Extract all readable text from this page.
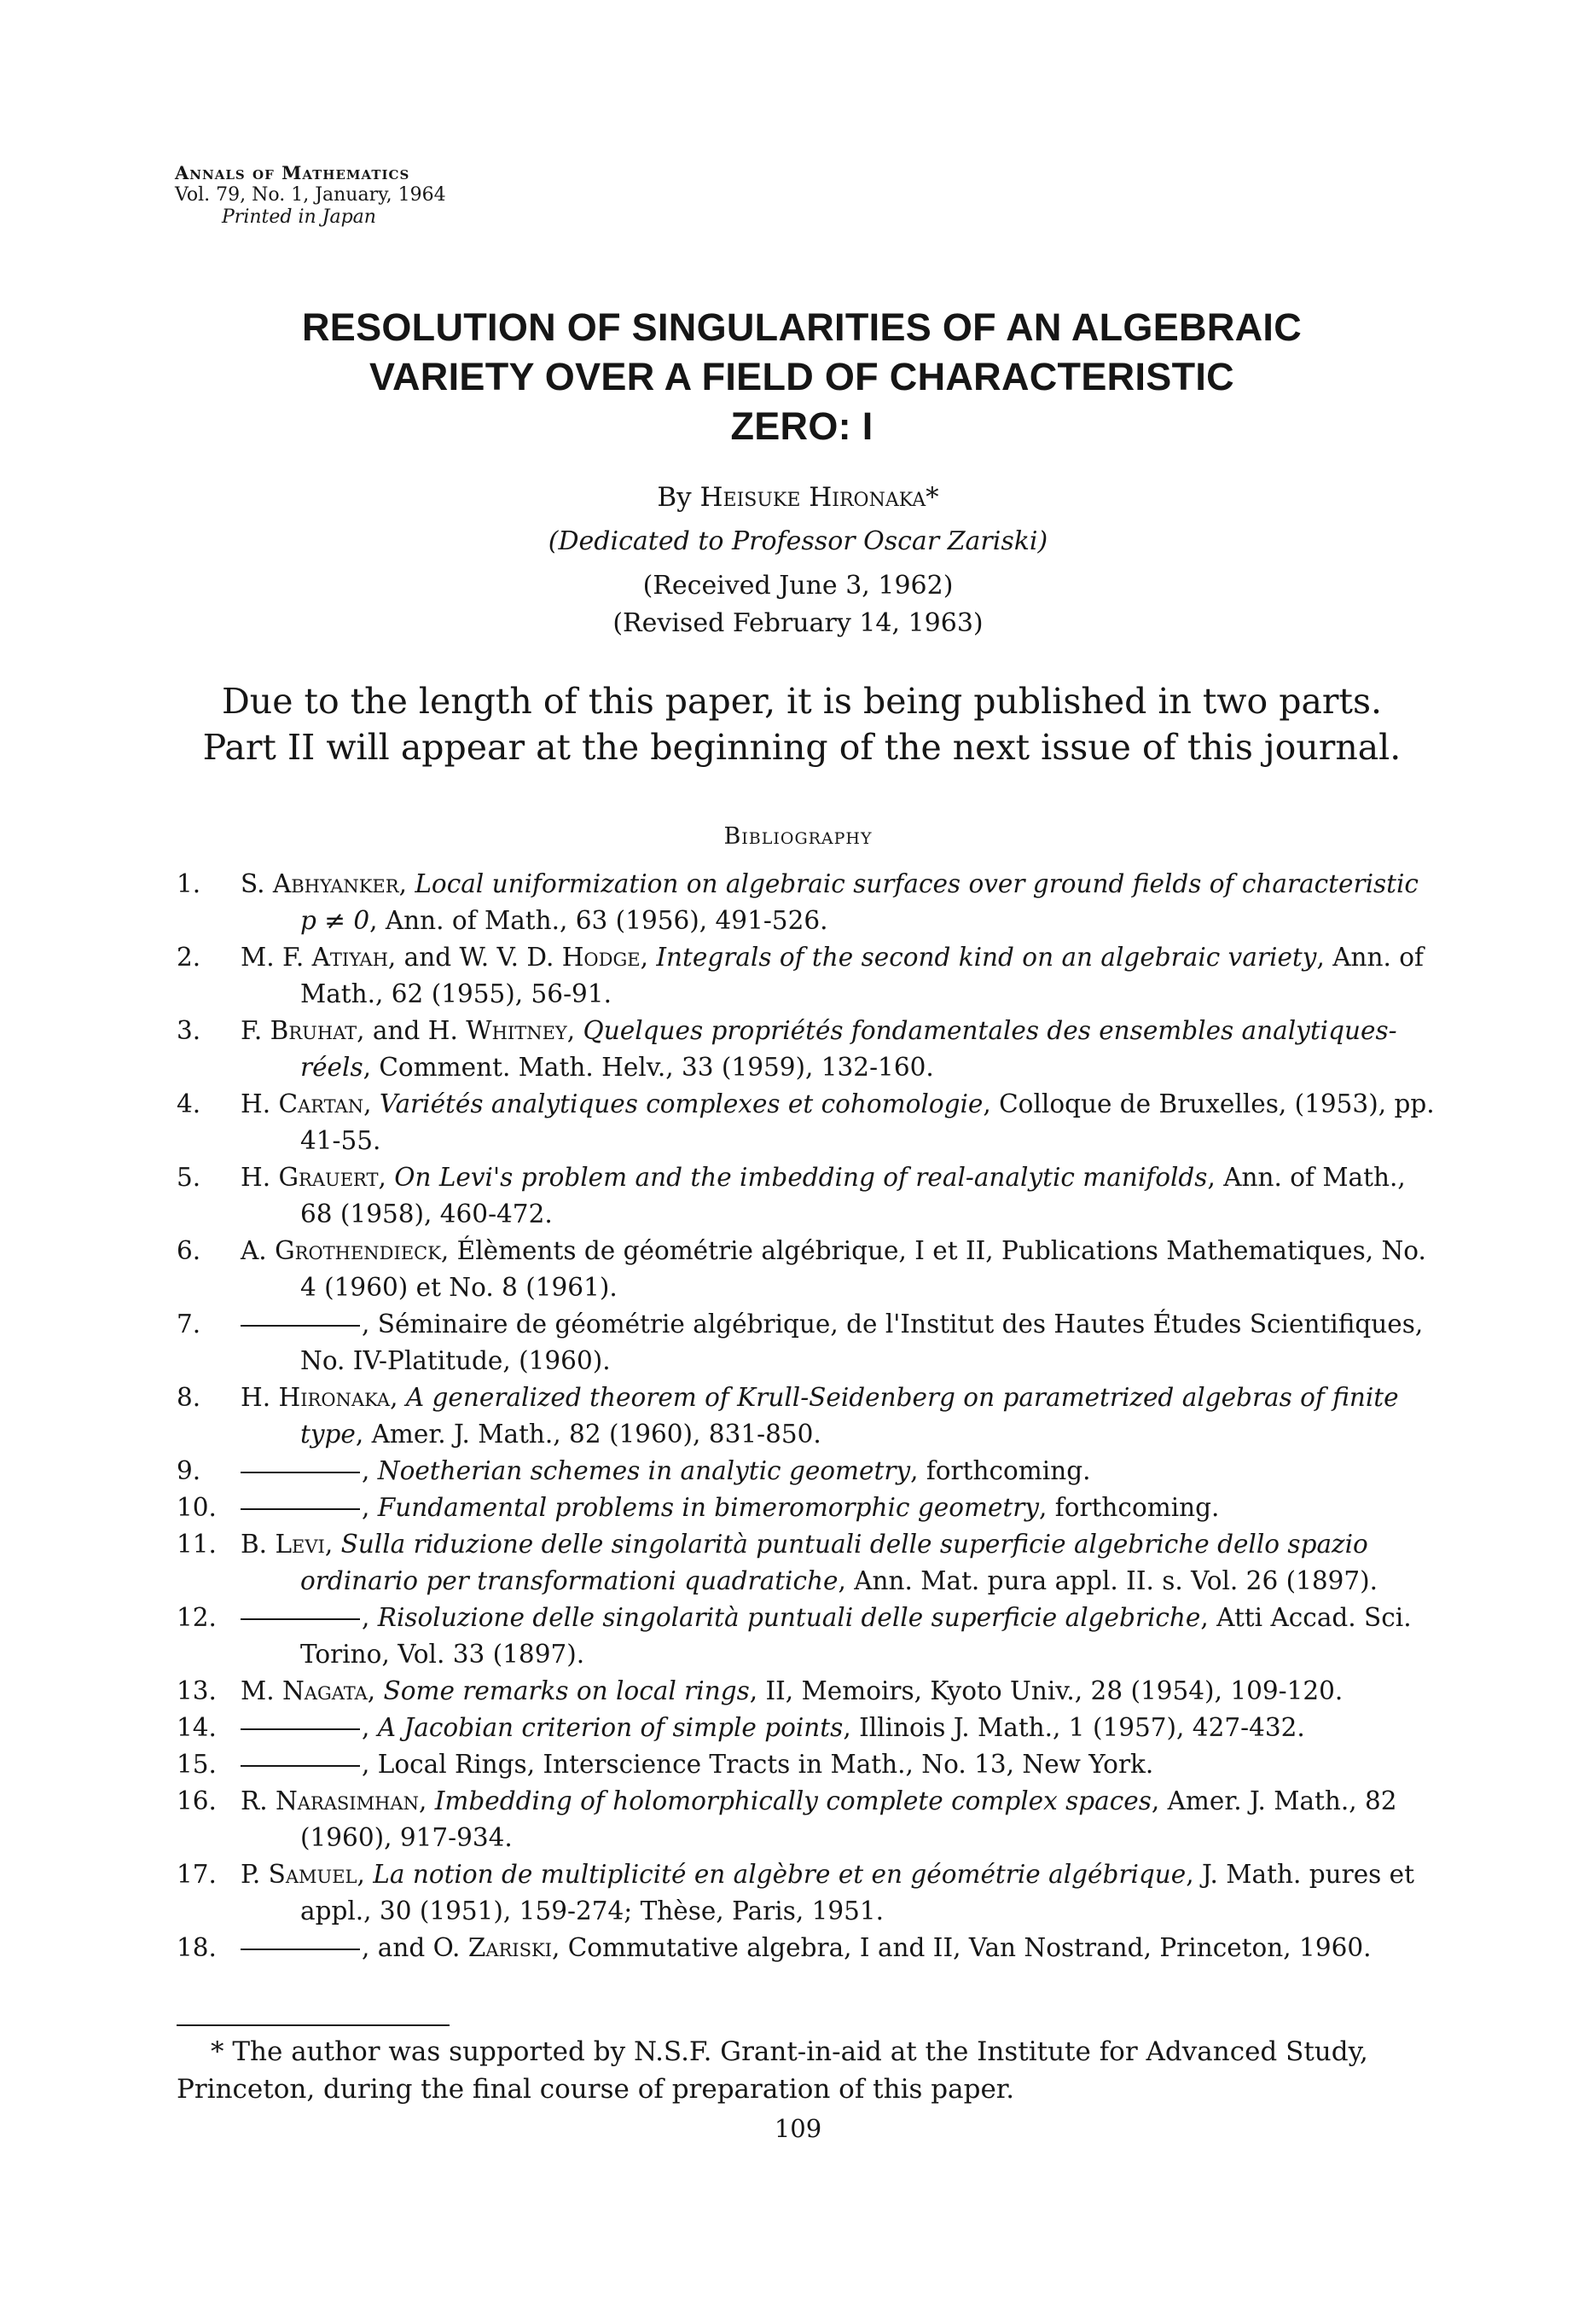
Annals of Mathematics
Vol. 79, No. 1, January, 1964
Printed in Japan
RESOLUTION OF SINGULARITIES OF AN ALGEBRAIC
VARIETY OVER A FIELD OF CHARACTERISTIC
ZERO: I
By Heisuke Hironaka*
(Dedicated to Professor Oscar Zariski)
(Received June 3, 1962)
(Revised February 14, 1963)
Due to the length of this paper, it is being published in two parts.
Part II will appear at the beginning of the next issue of this journal.
Bibliography
1.	S. Abhyanker, Local uniformization on algebraic surfaces over ground fields of characteristic p ≠ 0, Ann. of Math., 63 (1956), 491-526.
2.	M. F. Atiyah, and W. V. D. Hodge, Integrals of the second kind on an algebraic variety, Ann. of Math., 62 (1955), 56-91.
3.	F. Bruhat, and H. Whitney, Quelques propriétés fondamentales des ensembles analytiques-réels, Comment. Math. Helv., 33 (1959), 132-160.
4.	H. Cartan, Variétés analytiques complexes et cohomologie, Colloque de Bruxelles, (1953), pp. 41-55.
5.	H. Grauert, On Levi's problem and the imbedding of real-analytic manifolds, Ann. of Math., 68 (1958), 460-472.
6.	A. Grothendieck, Élèments de géométrie algébrique, I et II, Publications Mathematiques, No. 4 (1960) et No. 8 (1961).
7.	, Séminaire de géométrie algébrique, de l'Institut des Hautes Études Scientifiques, No. IV-Platitude, (1960).
8.	H. Hironaka, A generalized theorem of Krull-Seidenberg on parametrized algebras of finite type, Amer. J. Math., 82 (1960), 831-850.
9.	, Noetherian schemes in analytic geometry, forthcoming.
10.	, Fundamental problems in bimeromorphic geometry, forthcoming.
11. B. Levi, Sulla riduzione delle singolarità puntuali delle superficie algebriche dello spazio ordinario per transformationi quadratiche, Ann. Mat. pura appl. II. s. Vol. 26 (1897).
12.	, Risoluzione delle singolarità puntuali delle superficie algebriche, Atti Accad. Sci. Torino, Vol. 33 (1897).
13. M. Nagata, Some remarks on local rings, II, Memoirs, Kyoto Univ., 28 (1954), 109-120.
14.	, A Jacobian criterion of simple points, Illinois J. Math., 1 (1957), 427-432.
15.	, Local Rings, Interscience Tracts in Math., No. 13, New York.
16. R. Narasimhan, Imbedding of holomorphically complete complex spaces, Amer. J. Math., 82 (1960), 917-934.
17. P. Samuel, La notion de multiplicité en algèbre et en géométrie algébrique, J. Math. pures et appl., 30 (1951), 159-274; Thèse, Paris, 1951.
18.	, and O. Zariski, Commutative algebra, I and II, Van Nostrand, Princeton, 1960.
* The author was supported by N.S.F. Grant-in-aid at the Institute for Advanced Study,
Princeton, during the final course of preparation of this paper.
109
